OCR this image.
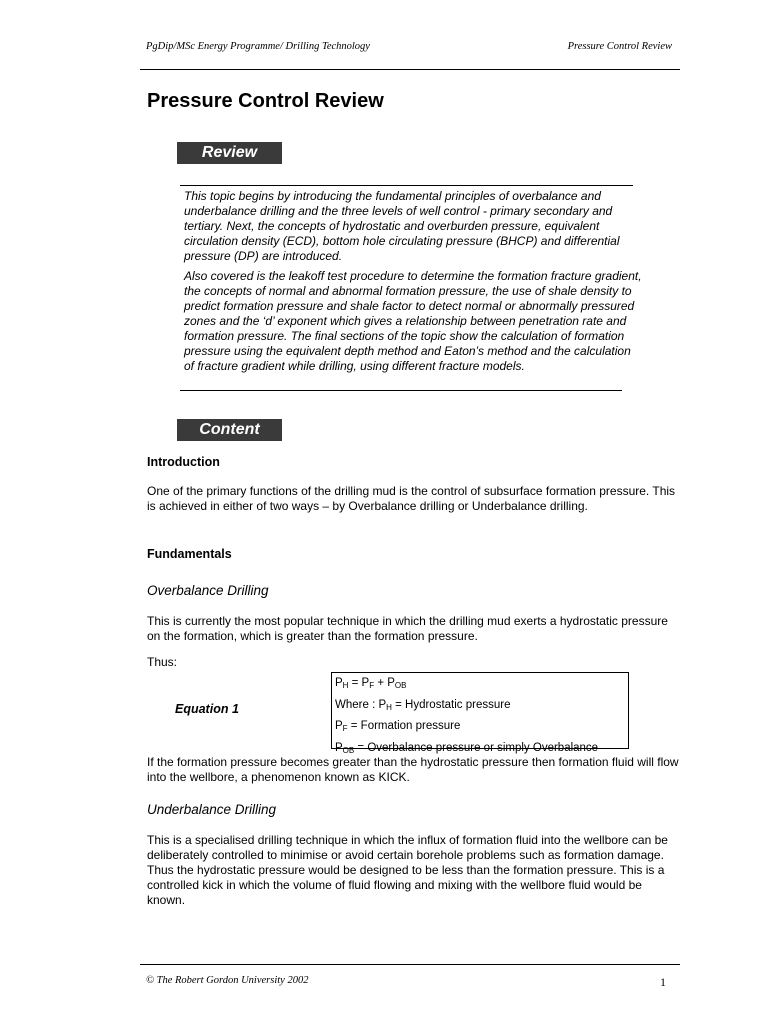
PgDip/MSc Energy Programme/ Drilling Technology	Pressure Control Review
Pressure Control Review
Review

This topic begins by introducing the fundamental principles of overbalance and underbalance drilling and the three levels of well control - primary secondary and tertiary. Next, the concepts of hydrostatic and overburden pressure, equivalent circulation density (ECD), bottom hole circulating pressure (BHCP) and differential pressure (DP) are introduced.

Also covered is the leakoff test procedure to determine the formation fracture gradient, the concepts of normal and abnormal formation pressure, the use of shale density to predict formation pressure and shale factor to detect normal or abnormally pressured zones and the ‘d’ exponent which gives a relationship between penetration rate and formation pressure. The final sections of the topic show the calculation of formation pressure using the equivalent depth method and Eaton’s method and the calculation of fracture gradient while drilling, using different fracture models.

Content
Introduction

One of the primary functions of the drilling mud is the control of subsurface formation pressure. This is achieved in either of two ways – by Overbalance drilling or Underbalance drilling.

Fundamentals
Overbalance Drilling

This is currently the most popular technique in which the drilling mud exerts a hydrostatic pressure on the formation, which is greater than the formation pressure.

Thus:
Equation 1
$P_H = P_F + P_{OB}$
Where : $P_H$ = Hydrostatic pressure
$P_F$ = Formation pressure
$P_{OB}$ = Overbalance pressure or simply Overbalance

If the formation pressure becomes greater than the hydrostatic pressure then formation fluid will flow into the wellbore, a phenomenon known as KICK.

Underbalance Drilling

This is a specialised drilling technique in which the influx of formation fluid into the wellbore can be deliberately controlled to minimise or avoid certain borehole problems such as formation damage. Thus the hydrostatic pressure would be designed to be less than the formation pressure. This is a controlled kick in which the volume of fluid flowing and mixing with the wellbore fluid would be known.

© The Robert Gordon University 2002	1
